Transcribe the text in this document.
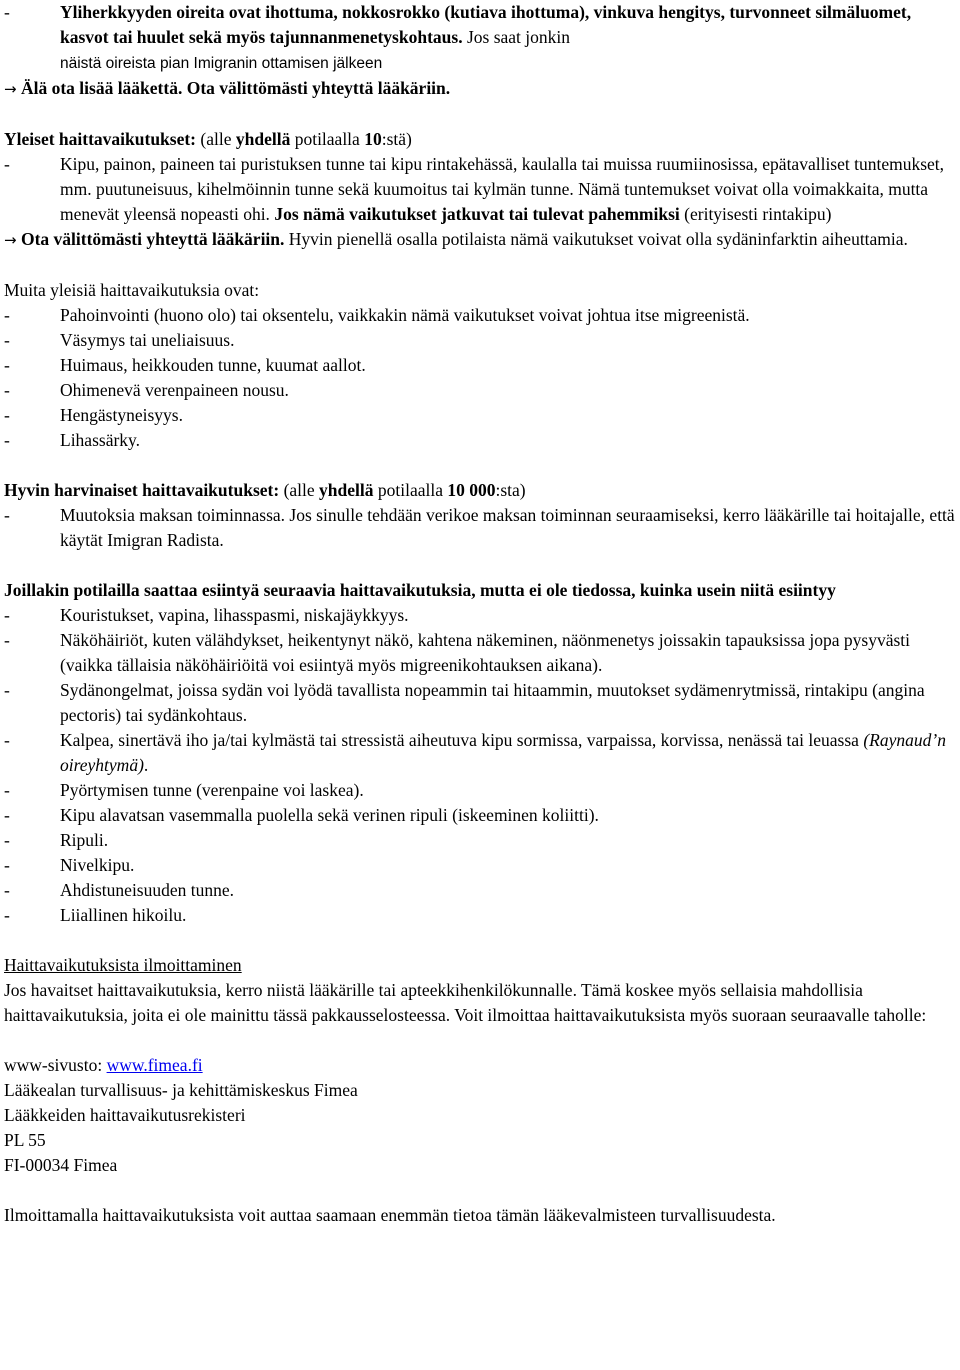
-	Yliherkkyyden oireita ovat ihottuma, nokkosrokko (kutiava ihottuma), vinkuva hengitys, turvonneet silmäluomet, kasvot tai huulet sekä myös tajunnanmenetyskohtaus. Jos saat jonkin
näistä oireista pian Imigranin ottamisen jälkeen

→ Älä ota lisää lääkettä. Ota välittömästi yhteyttä lääkäriin.

Yleiset haittavaikutukset: (alle yhdellä potilaalla 10:stä)

-	Kipu, painon, paineen tai puristuksen tunne tai kipu rintakehässä, kaulalla tai muissa ruumiinosissa, epätavalliset tuntemukset, mm. puutuneisuus, kihelmöinnin tunne sekä kuumoitus tai kylmän tunne. Nämä tuntemukset voivat olla voimakkaita, mutta menevät yleensä nopeasti ohi. Jos nämä vaikutukset jatkuvat tai tulevat pahemmiksi (erityisesti rintakipu)

→ Ota välittömästi yhteyttä lääkäriin. Hyvin pienellä osalla potilaista nämä vaikutukset voivat olla sydäninfarktin aiheuttamia.

Muita yleisiä haittavaikutuksia ovat:

-	Pahoinvointi (huono olo) tai oksentelu, vaikkakin nämä vaikutukset voivat johtua itse migreenistä.
-	Väsymys tai uneliaisuus.
-	Huimaus, heikkouden tunne, kuumat aallot.
-	Ohimenevä verenpaineen nousu.
-	Hengästyneisyys.
-	Lihassärky.

Hyvin harvinaiset haittavaikutukset: (alle yhdellä potilaalla 10 000:sta)

-	Muutoksia maksan toiminnassa. Jos sinulle tehdään verikoe maksan toiminnan seuraamiseksi, kerro lääkärille tai hoitajalle, että käytät Imigran Radista.

Joillakin potilailla saattaa esiintyä seuraavia haittavaikutuksia, mutta ei ole tiedossa, kuinka usein niitä esiintyy

-	Kouristukset, vapina, lihasspasmi, niskajäykkyys.
-	Näköhäiriöt, kuten välähdykset, heikentynyt näkö, kahtena näkeminen, näönmenetys joissakin tapauksissa jopa pysyvästi (vaikka tällaisia näköhäiriöitä voi esiintyä myös migreenikohtauksen aikana).
-	Sydänongelmat, joissa sydän voi lyödä tavallista nopeammin tai hitaammin, muutokset sydämenrytmissä, rintakipu (angina pectoris) tai sydänkohtaus.
-	Kalpea, sinertävä iho ja/tai kylmästä tai stressistä aiheutuva kipu sormissa, varpaissa, korvissa, nenässä tai leuassa (Raynaud’n oireyhtymä).
-	Pyörtymisen tunne (verenpaine voi laskea).
-	Kipu alavatsan vasemmalla puolella sekä verinen ripuli (iskeeminen koliitti).
-	Ripuli.
-	Nivelkipu.
-	Ahdistuneisuuden tunne.
-	Liiallinen hikoilu.

Haittavaikutuksista ilmoittaminen

Jos havaitset haittavaikutuksia, kerro niistä lääkärille tai apteekkihenkilökunnalle. Tämä koskee myös sellaisia mahdollisia haittavaikutuksia, joita ei ole mainittu tässä pakkausselosteessa. Voit ilmoittaa haittavaikutuksista myös suoraan seuraavalle taholle:

www-sivusto: www.fimea.fi

Lääkealan turvallisuus- ja kehittämiskeskus Fimea

Lääkkeiden haittavaikutusrekisteri

PL 55

FI-00034 Fimea

Ilmoittamalla haittavaikutuksista voit auttaa saamaan enemmän tietoa tämän lääkevalmisteen turvallisuudesta.
